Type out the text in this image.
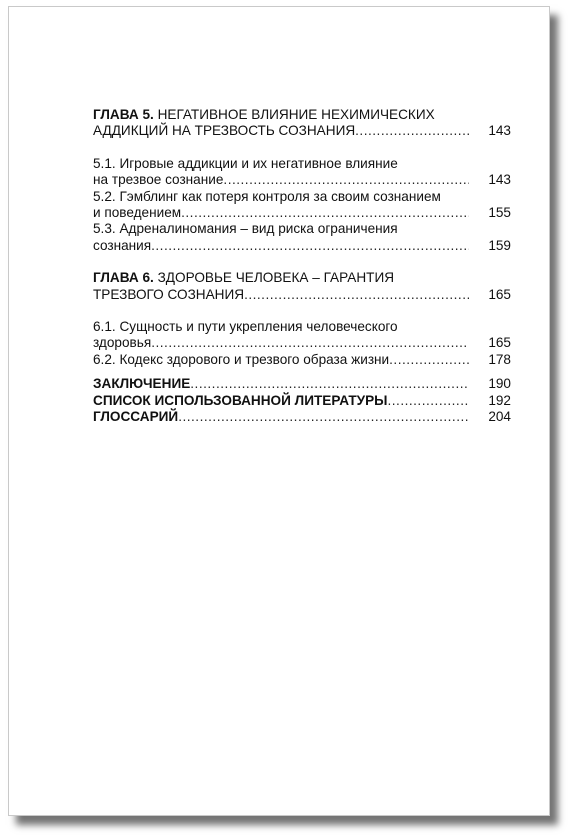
ГЛАВА 5.
НЕГАТИВНОЕ ВЛИЯНИЕ НЕХИМИЧЕСКИХ
АДДИКЦИЙ НА ТРЕЗВОСТЬ СОЗНАНИЯ .....	143
5.1. Игровые аддикции и их негативное влияние
на трезвое сознание .....	143
5.2. Гэмблинг как потеря контроля за своим сознанием
и поведением .....	155
5.3. Адреналиномания – вид риска ограничения
сознания .....	159
ГЛАВА 6.
ЗДОРОВЬЕ ЧЕЛОВЕКА – ГАРАНТИЯ
ТРЕЗВОГО СОЗНАНИЯ .....	165
6.1. Сущность и пути укрепления человеческого
здоровья .....	165
6.2. Кодекс здорового и трезвого образа жизни .....	178
ЗАКЛЮЧЕНИЕ .....	190
СПИСОК ИСПОЛЬЗОВАННОЙ ЛИТЕРАТУРЫ .....	192
ГЛОССАРИЙ .....	204
